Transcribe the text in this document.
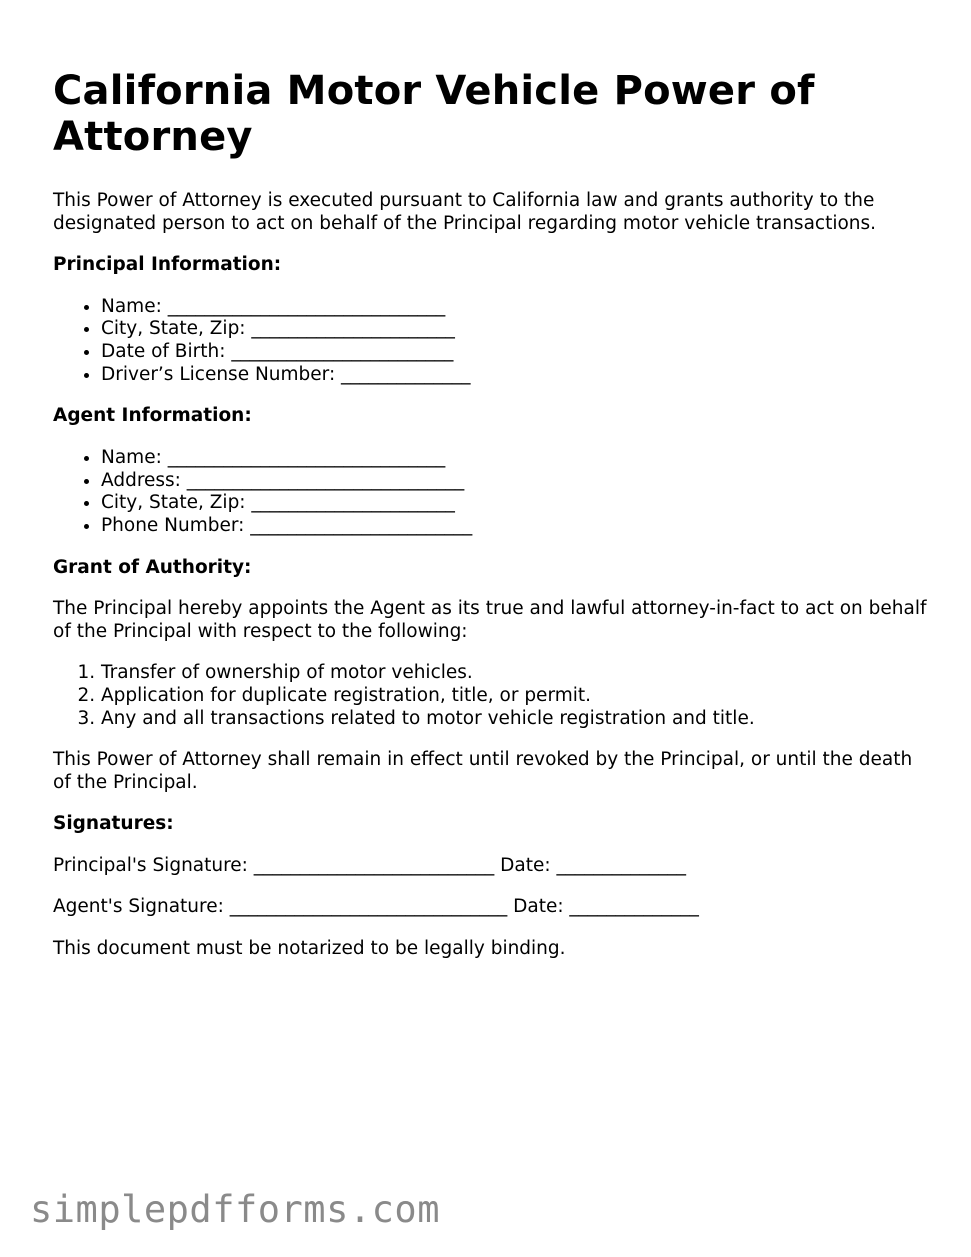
California Motor Vehicle Power of Attorney

This Power of Attorney is executed pursuant to California law and grants authority to the designated person to act on behalf of the Principal regarding motor vehicle transactions.

Principal Information:
• Name: ______________________________
• City, State, Zip: ______________________
• Date of Birth: ________________________
• Driver’s License Number: ______________
Agent Information:
• Name: ______________________________
• Address: ______________________________
• City, State, Zip: ______________________
• Phone Number: ________________________
Grant of Authority:

The Principal hereby appoints the Agent as its true and lawful attorney-in-fact to act on behalf of the Principal with respect to the following:

1. Transfer of ownership of motor vehicles.
2. Application for duplicate registration, title, or permit.
3. Any and all transactions related to motor vehicle registration and title.

This Power of Attorney shall remain in effect until revoked by the Principal, or until the death of the Principal.

Signatures:

Principal's Signature: __________________________ Date: ______________

Agent's Signature: ______________________________ Date: ______________

This document must be notarized to be legally binding.

simplepdfforms.com
